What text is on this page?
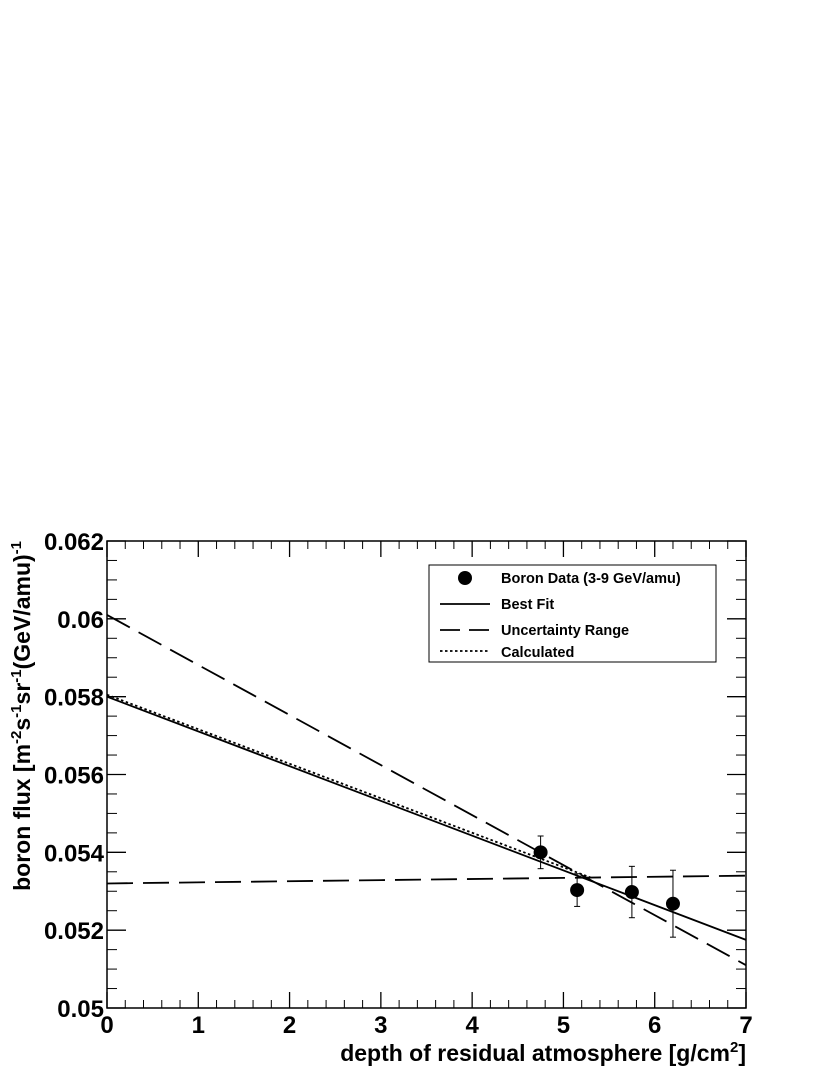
0	1	2	3	4	5	6	7
0.05
0.052
0.054
0.056
0.058
0.06
0.062
depth of residual atmosphere $[g/cm^2]$
boron flux [$m^{-2}s^{-1}sr^{-1}(GeV/amu)^{-1}$
Boron Data (3-9 GeV/amu)
Best Fit
Uncertainty Range
Calculated
